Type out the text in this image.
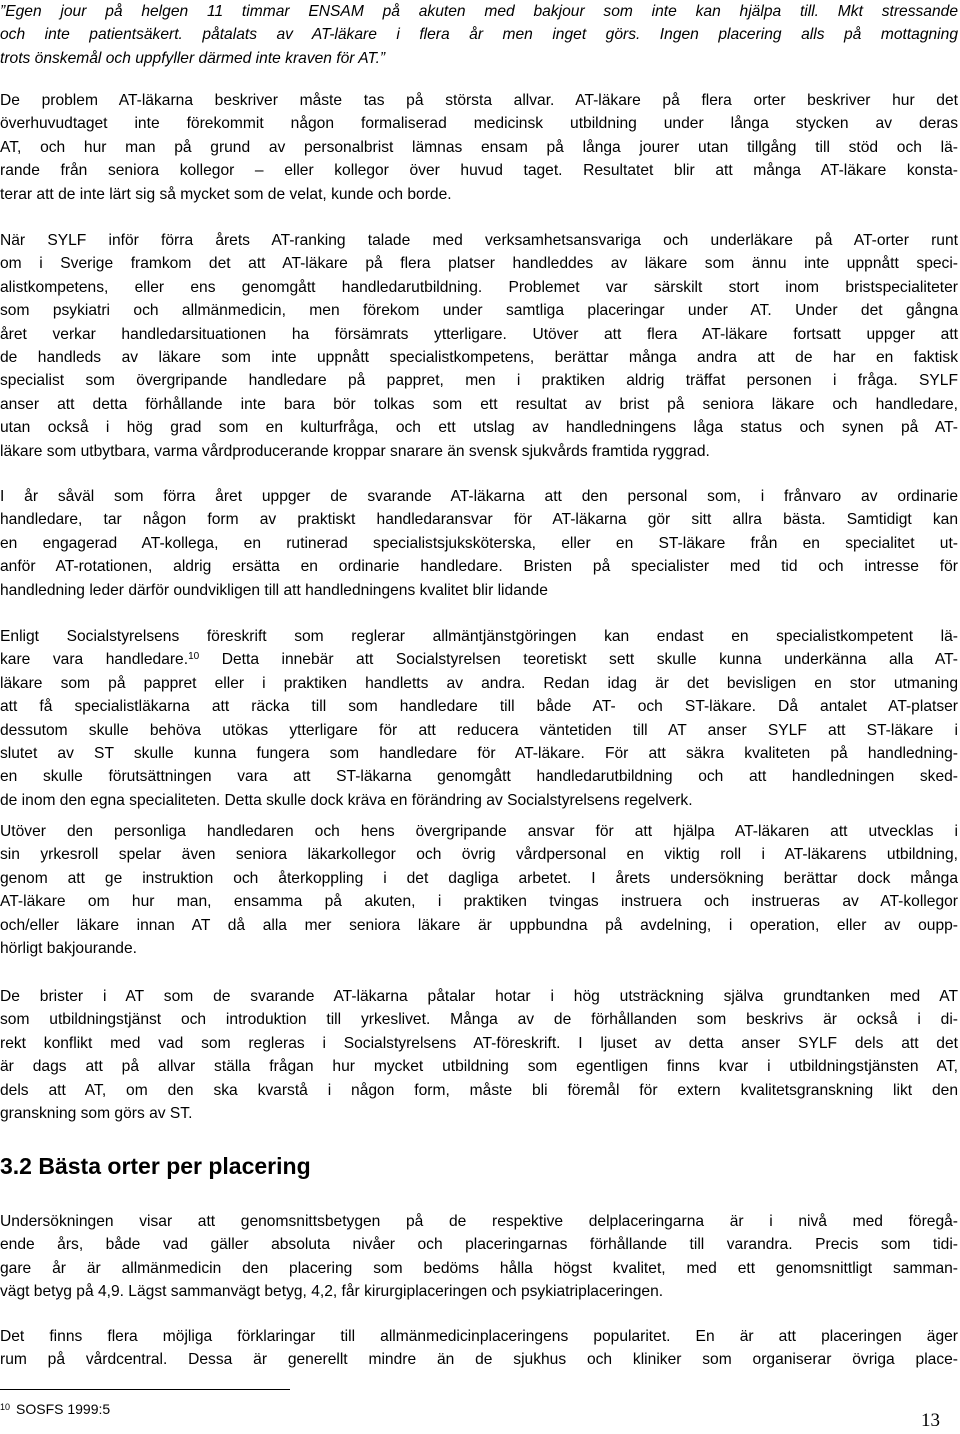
”Egen jour på helgen 11 timmar ENSAM på akuten med bakjour som inte kan hjälpa till. Mkt stressande
och inte patientsäkert. påtalats av AT-läkare i flera år men inget görs. Ingen placering alls på mottagning
trots önskemål och uppfyller därmed inte kraven för AT.”
De problem AT-läkarna beskriver måste tas på största allvar. AT-läkare på flera orter beskriver hur det
överhuvudtaget inte förekommit någon formaliserad medicinsk utbildning under långa stycken av deras
AT, och hur man på grund av personalbrist lämnas ensam på långa jourer utan tillgång till stöd och lä-
rande från seniora kollegor – eller kollegor över huvud taget. Resultatet blir att många AT-läkare konsta-
terar att de inte lärt sig så mycket som de velat, kunde och borde.
När SYLF inför förra årets AT-ranking talade med verksamhetsansvariga och underläkare på AT-orter runt
om i Sverige framkom det att AT-läkare på flera platser handleddes av läkare som ännu inte uppnått speci-
alistkompetens, eller ens genomgått handledarutbildning. Problemet var särskilt stort inom bristspecialiteter
som psykiatri och allmänmedicin, men förekom under samtliga placeringar under AT. Under det gångna
året verkar handledarsituationen ha försämrats ytterligare. Utöver att flera AT-läkare fortsatt uppger att
de handleds av läkare som inte uppnått specialistkompetens, berättar många andra att de har en faktisk
specialist som övergripande handledare på pappret, men i praktiken aldrig träffat personen i fråga. SYLF
anser att detta förhållande inte bara bör tolkas som ett resultat av brist på seniora läkare och handledare,
utan också i hög grad som en kulturfråga, och ett utslag av handledningens låga status och synen på AT-
läkare som utbytbara, varma vårdproducerande kroppar snarare än svensk sjukvårds framtida ryggrad.
I år såväl som förra året uppger de svarande AT-läkarna att den personal som, i frånvaro av ordinarie
handledare, tar någon form av praktiskt handledaransvar för AT-läkarna gör sitt allra bästa. Samtidigt kan
en engagerad AT-kollega, en rutinerad specialistsjuksköterska, eller en ST-läkare från en specialitet ut-
anför AT-rotationen, aldrig ersätta en ordinarie handledare. Bristen på specialister med tid och intresse för
handledning leder därför oundvikligen till att handledningens kvalitet blir lidande
Enligt Socialstyrelsens föreskrift som reglerar allmäntjänstgöringen kan endast en specialistkompetent lä-
kare vara handledare.$^{10}$ Detta innebär att Socialstyrelsen teoretiskt sett skulle kunna underkänna alla AT-
läkare som på pappret eller i praktiken handletts av andra. Redan idag är det bevisligen en stor utmaning
att få specialistläkarna att räcka till som handledare till både AT- och ST-läkare. Då antalet AT-platser
dessutom skulle behöva utökas ytterligare för att reducera väntetiden till AT anser SYLF att ST-läkare i
slutet av ST skulle kunna fungera som handledare för AT-läkare. För att säkra kvaliteten på handledning-
en skulle förutsättningen vara att ST-läkarna genomgått handledarutbildning och att handledningen sked-
de inom den egna specialiteten. Detta skulle dock kräva en förändring av Socialstyrelsens regelverk.
Utöver den personliga handledaren och hens övergripande ansvar för att hjälpa AT-läkaren att utvecklas i
sin yrkesroll spelar även seniora läkarkollegor och övrig vårdpersonal en viktig roll i AT-läkarens utbildning,
genom att ge instruktion och återkoppling i det dagliga arbetet. I årets undersökning berättar dock många
AT-läkare om hur man, ensamma på akuten, i praktiken tvingas instruera och instrueras av AT-kollegor
och/eller läkare innan AT då alla mer seniora läkare är uppbundna på avdelning, i operation, eller av oupp-
hörligt bakjourande.
De brister i AT som de svarande AT-läkarna påtalar hotar i hög utsträckning själva grundtanken med AT
som utbildningstjänst och introduktion till yrkeslivet. Många av de förhållanden som beskrivs är också i di-
rekt konflikt med vad som regleras i Socialstyrelsens AT-föreskrift. I ljuset av detta anser SYLF dels att det
är dags att på allvar ställa frågan hur mycket utbildning som egentligen finns kvar i utbildningstjänsten AT,
dels att AT, om den ska kvarstå i någon form, måste bli föremål för extern kvalitetsgranskning likt den
granskning som görs av ST.
3.2 Bästa orter per placering
Undersökningen visar att genomsnittsbetygen på de respektive delplaceringarna är i nivå med föregå-
ende års, både vad gäller absoluta nivåer och placeringarnas förhållande till varandra. Precis som tidi-
gare år är allmänmedicin den placering som bedöms hålla högst kvalitet, med ett genomsnittligt samman-
vägt betyg på 4,9. Lägst sammanvägt betyg, 4,2, får kirurgiplaceringen och psykiatriplaceringen.
Det finns flera möjliga förklaringar till allmänmedicinplaceringens popularitet. En är att placeringen äger
rum på vårdcentral. Dessa är generellt mindre än de sjukhus och kliniker som organiserar övriga place-
$^{10}$ SOSFS 1999:5
13
